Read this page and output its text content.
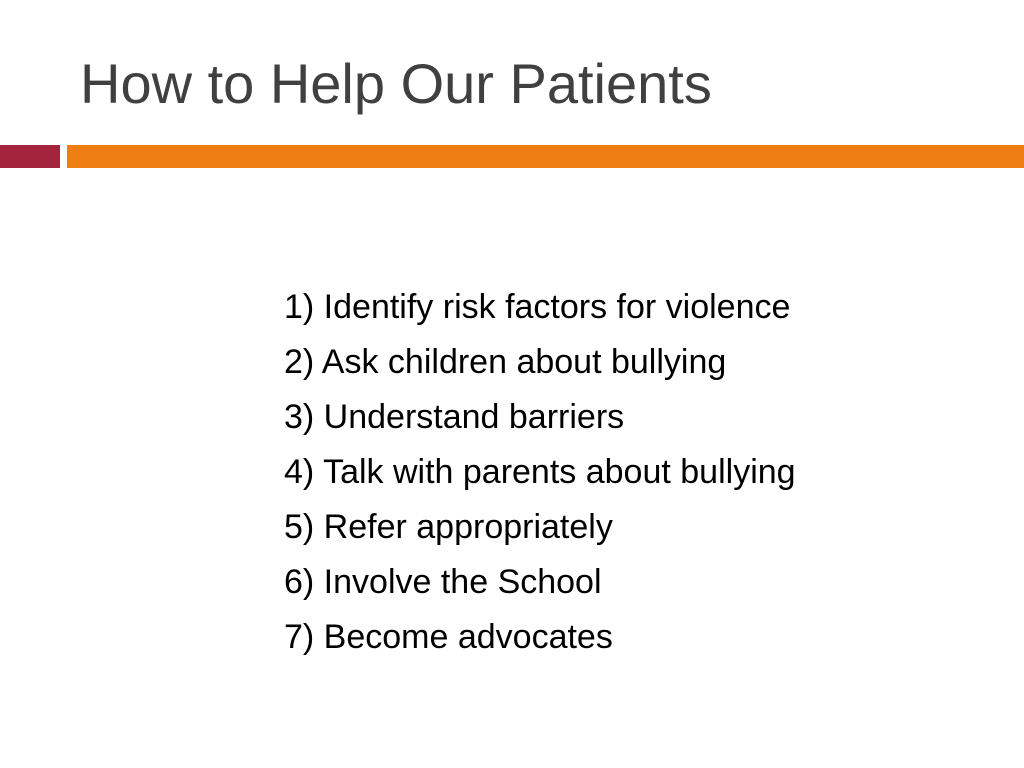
How to Help Our Patients
1) Identify risk factors for violence
2) Ask children about bullying
3) Understand barriers
4) Talk with parents about bullying
5) Refer appropriately
6) Involve the School
7) Become advocates
